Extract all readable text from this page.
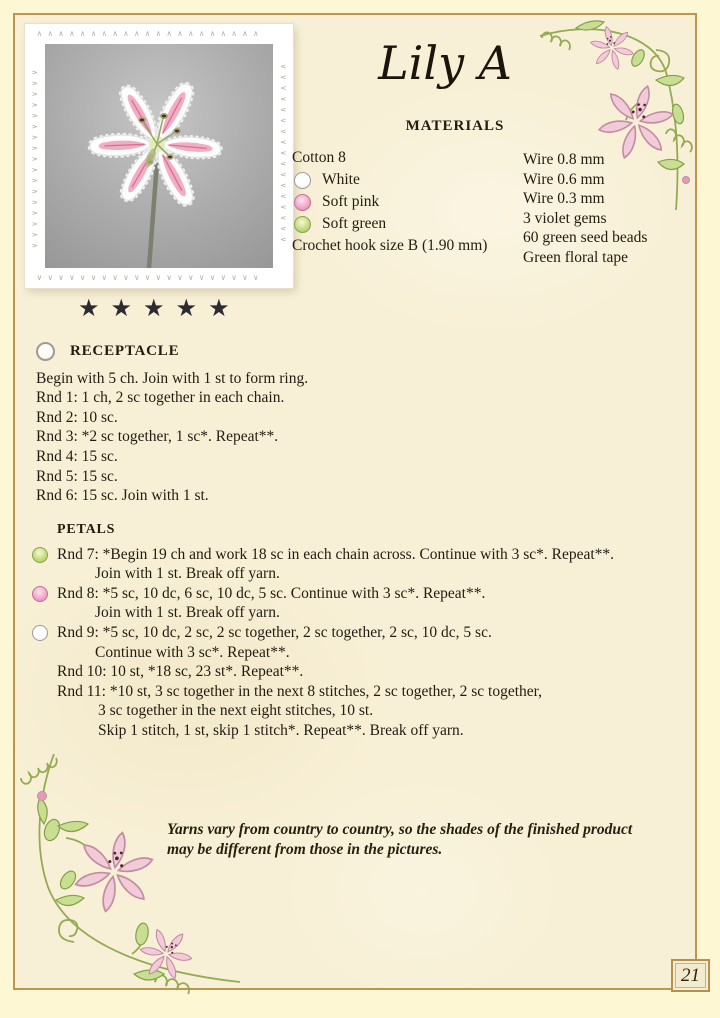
∧∧∧∧∧∧∧∧∧∧∧∧∧∧∧∧∧∧∧∧∧
∨∨∨∨∨∨∨∨∨∨∨∨∨∨∨∨∨∨∨∨∨
∨∨∨∨∨∨∨∨∨∨∨∨∨∨∨∨∨	∨∨∨∨∨∨∨∨∨∨∨∨∨∨∨∨∨
Lily A
MATERIALS
Cotton 8
White
Soft pink
Soft green
Crochet hook size B (1.90 mm)
Wire 0.8 mm
Wire 0.6 mm
Wire 0.3 mm
3 violet gems
60 green seed beads
Green floral tape
★ ★ ★ ★ ★
RECEPTACLE
Begin with 5 ch. Join with 1 st to form ring.
Rnd 1: 1 ch, 2 sc together in each chain.
Rnd 2: 10 sc.
Rnd 3: *2 sc together, 1 sc*. Repeat**.
Rnd 4: 15 sc.
Rnd 5: 15 sc.
Rnd 6: 15 sc. Join with 1 st.
PETALS
Rnd 7: *Begin 19 ch and work 18 sc in each chain across. Continue with 3 sc*. Repeat**.
Join with 1 st. Break off yarn.
Rnd 8: *5 sc, 10 dc, 6 sc, 10 dc, 5 sc. Continue with 3 sc*. Repeat**.
Join with 1 st. Break off yarn.
Rnd 9: *5 sc, 10 dc, 2 sc, 2 sc together, 2 sc together, 2 sc, 10 dc, 5 sc.
Continue with 3 sc*. Repeat**.
Rnd 10: 10 st, *18 sc, 23 st*. Repeat**.
Rnd 11: *10 st, 3 sc together in the next 8 stitches, 2 sc together, 2 sc together,
3 sc together in the next eight stitches, 10 st.
Skip 1 stitch, 1 st, skip 1 stitch*. Repeat**. Break off yarn.
Yarns vary from country to country, so the shades of the finished product may be different from those in the pictures.
21
